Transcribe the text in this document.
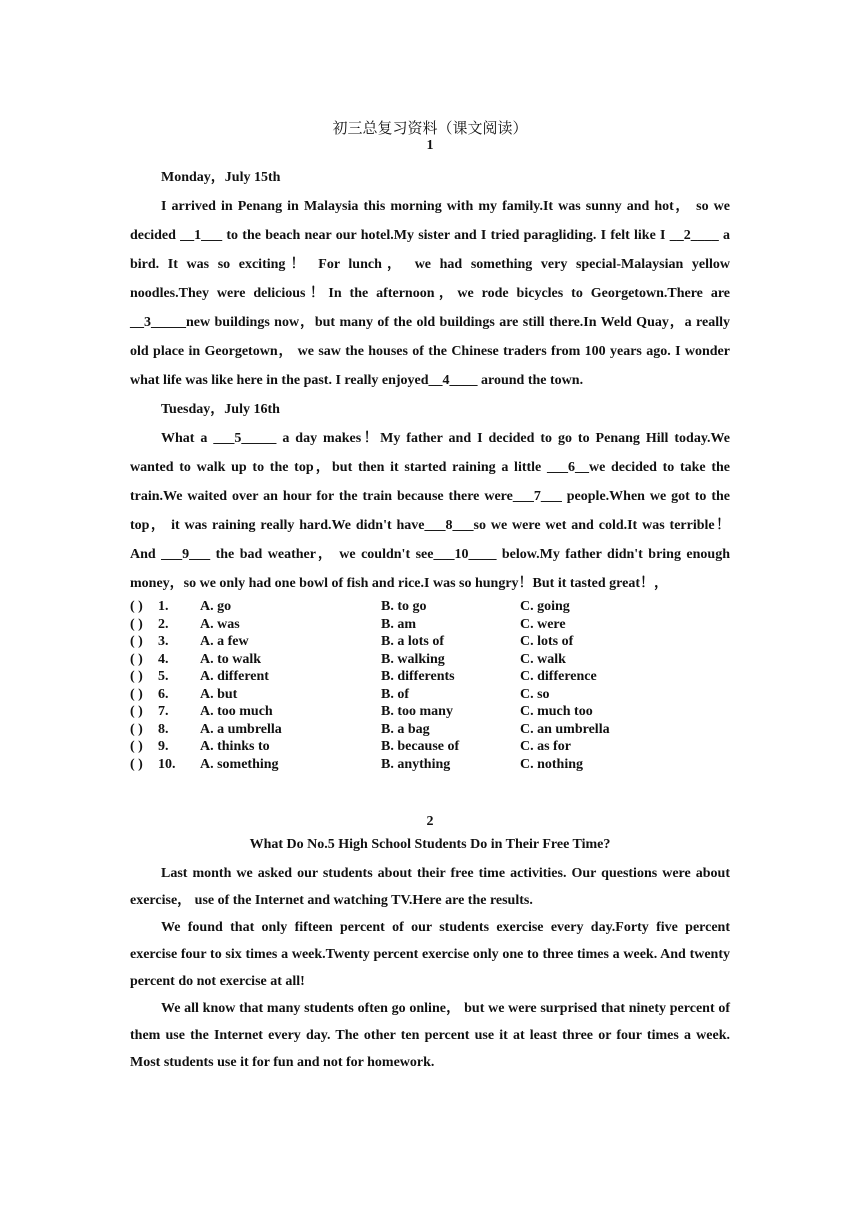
初三总复习资料（课文阅读）

1

Monday，July 15th

I arrived in Penang in Malaysia this morning with my family.It was sunny and hot， so we decided __1___ to the beach near our hotel.My sister and I tried paragliding. I felt like I __2____ a bird. It was so exciting！ For lunch， we had something very special-Malaysian yellow noodles.They were delicious！In the afternoon，we rode bicycles to Georgetown.There are __3_____new buildings now，but many of the old buildings are still there.In Weld Quay，a really old place in Georgetown， we saw the houses of the Chinese traders from 100 years ago. I wonder what life was like here in the past. I really enjoyed__4____ around the town.

Tuesday，July 16th

What a ___5_____ a day makes！My father and I decided to go to Penang Hill today.We wanted to walk up to the top，but then it started raining a little ___6__we decided to take the train.We waited over an hour for the train because there were___7___ people.When we got to the top， it was raining really hard.We didn't have___8___so we were wet and cold.It was terrible！ And ___9___ the bad weather， we couldn't see___10____ below.My father didn't bring enough money，so we only had one bowl of fish and rice.I was so hungry！But it tasted great！，

( ) 1. A. go	B. to go	C. going
( ) 2. A. was	B. am	C. were
( ) 3. A. a few	B. a lots of	C. lots of
( ) 4. A. to walk	B. walking	C. walk
( ) 5. A. different	B. differents	C. difference
( ) 6. A. but	B. of	C. so
( ) 7. A. too much	B. too many	C. much too
( ) 8. A. a umbrella	B. a bag	C. an umbrella
( ) 9. A. thinks to	B. because of	C. as for
( ) 10. A. something	B. anything	C. nothing

2

What Do No.5 High School Students Do in Their Free Time?

Last month we asked our students about their free time activities. Our questions were about exercise， use of the Internet and watching TV.Here are the results.

We found that only fifteen percent of our students exercise every day.Forty five percent exercise four to six times a week.Twenty percent exercise only one to three times a week. And twenty percent do not exercise at all!

We all know that many students often go online， but we were surprised that ninety percent of them use the Internet every day. The other ten percent use it at least three or four times a week. Most students use it for fun and not for homework.
